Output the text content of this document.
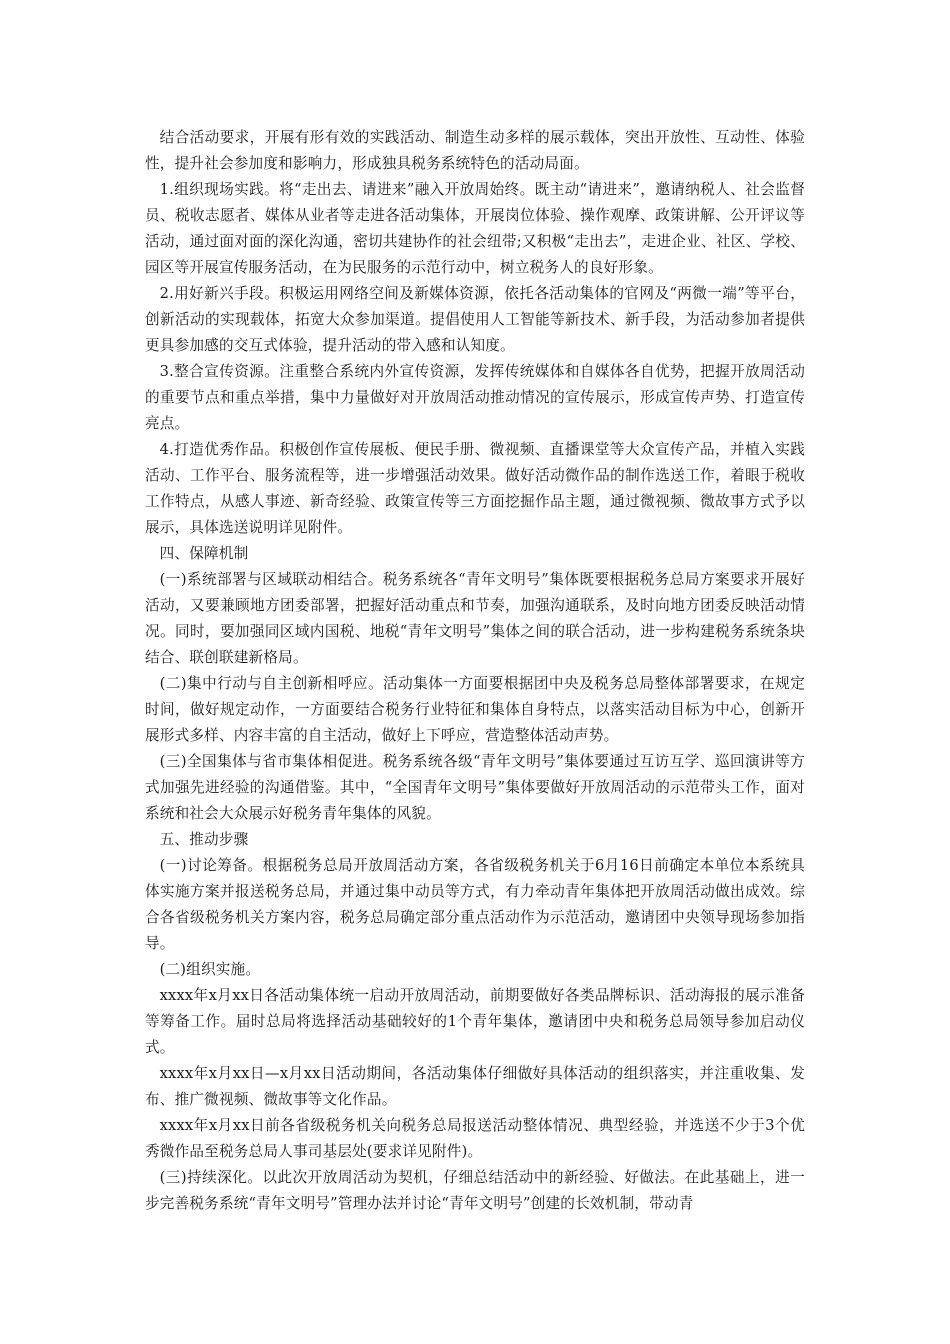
结合活动要求，开展有形有效的实践活动、制造生动多样的展示载体，突出开放性、互动性、体验性，提升社会参加度和影响力，形成独具税务系统特色的活动局面。

1.组织现场实践。将“走出去、请进来”融入开放周始终。既主动“请进来”，邀请纳税人、社会监督员、税收志愿者、媒体从业者等走进各活动集体，开展岗位体验、操作观摩、政策讲解、公开评议等活动，通过面对面的深化沟通，密切共建协作的社会纽带;又积极“走出去”，走进企业、社区、学校、园区等开展宣传服务活动，在为民服务的示范行动中，树立税务人的良好形象。

2.用好新兴手段。积极运用网络空间及新媒体资源，依托各活动集体的官网及“两微一端”等平台，创新活动的实现载体，拓宽大众参加渠道。提倡使用人工智能等新技术、新手段，为活动参加者提供更具参加感的交互式体验，提升活动的带入感和认知度。

3.整合宣传资源。注重整合系统内外宣传资源，发挥传统媒体和自媒体各自优势，把握开放周活动的重要节点和重点举措，集中力量做好对开放周活动推动情况的宣传展示，形成宣传声势、打造宣传亮点。

4.打造优秀作品。积极创作宣传展板、便民手册、微视频、直播课堂等大众宣传产品，并植入实践活动、工作平台、服务流程等，进一步增强活动效果。做好活动微作品的制作选送工作，着眼于税收工作特点，从感人事迹、新奇经验、政策宣传等三方面挖掘作品主题，通过微视频、微故事方式予以展示，具体选送说明详见附件。

四、保障机制

(一)系统部署与区域联动相结合。税务系统各“青年文明号”集体既要根据税务总局方案要求开展好活动，又要兼顾地方团委部署，把握好活动重点和节奏，加强沟通联系，及时向地方团委反映活动情况。同时，要加强同区域内国税、地税“青年文明号”集体之间的联合活动，进一步构建税务系统条块结合、联创联建新格局。

(二)集中行动与自主创新相呼应。活动集体一方面要根据团中央及税务总局整体部署要求，在规定时间，做好规定动作，一方面要结合税务行业特征和集体自身特点，以落实活动目标为中心，创新开展形式多样、内容丰富的自主活动，做好上下呼应，营造整体活动声势。

(三)全国集体与省市集体相促进。税务系统各级“青年文明号”集体要通过互访互学、巡回演讲等方式加强先进经验的沟通借鉴。其中，“全国青年文明号”集体要做好开放周活动的示范带头工作，面对系统和社会大众展示好税务青年集体的风貌。

五、推动步骤

(一)讨论筹备。根据税务总局开放周活动方案，各省级税务机关于6月16日前确定本单位本系统具体实施方案并报送税务总局，并通过集中动员等方式，有力牵动青年集体把开放周活动做出成效。综合各省级税务机关方案内容，税务总局确定部分重点活动作为示范活动，邀请团中央领导现场参加指导。

(二)组织实施。

xxxx年x月xx日各活动集体统一启动开放周活动，前期要做好各类品牌标识、活动海报的展示准备等筹备工作。届时总局将选择活动基础较好的1个青年集体，邀请团中央和税务总局领导参加启动仪式。

xxxx年x月xx日—x月xx日活动期间，各活动集体仔细做好具体活动的组织落实，并注重收集、发布、推广微视频、微故事等文化作品。

xxxx年x月xx日前各省级税务机关向税务总局报送活动整体情况、典型经验，并选送不少于3个优秀微作品至税务总局人事司基层处(要求详见附件)。

(三)持续深化。以此次开放周活动为契机，仔细总结活动中的新经验、好做法。在此基础上，进一步完善税务系统“青年文明号”管理办法并讨论“青年文明号”创建的长效机制，带动青
